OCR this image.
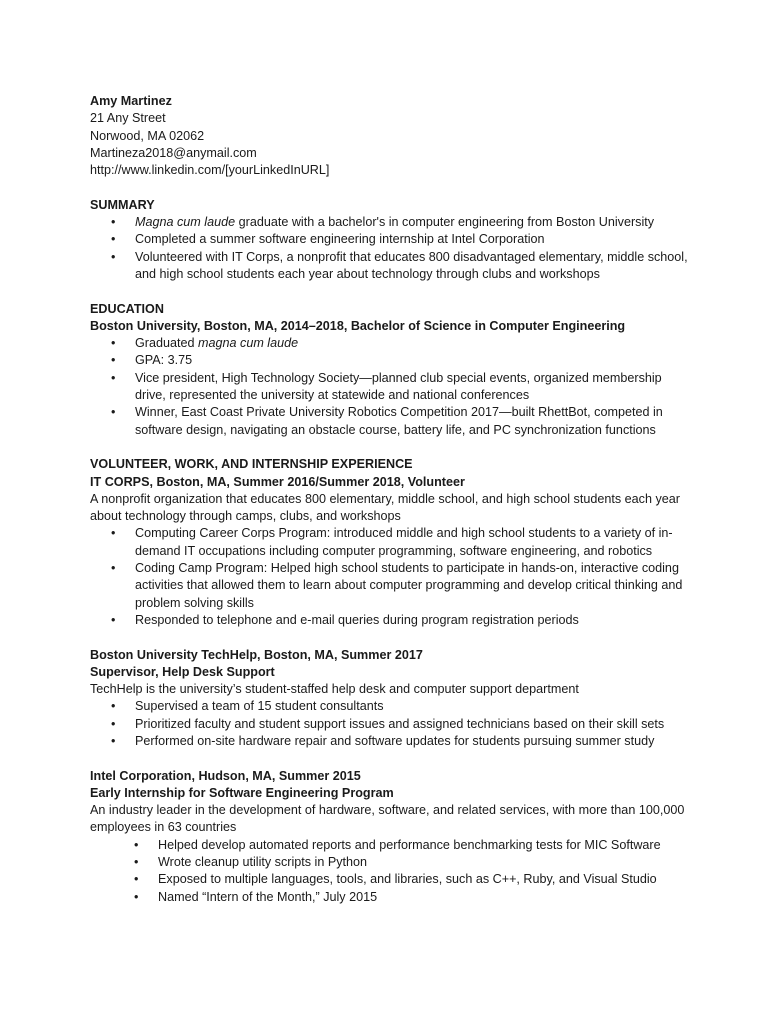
Amy Martinez
21 Any Street
Norwood, MA 02062
Martineza2018@anymail.com
http://www.linkedin.com/[yourLinkedInURL]
SUMMARY
•	Magna cum laude graduate with a bachelor's in computer engineering from Boston University
•	Completed a summer software engineering internship at Intel Corporation
•	Volunteered with IT Corps, a nonprofit that educates 800 disadvantaged elementary, middle school, and high school students each year about technology through clubs and workshops
EDUCATION
Boston University, Boston, MA, 2014–2018, Bachelor of Science in Computer Engineering
•	Graduated magna cum laude
•	GPA: 3.75
•	Vice president, High Technology Society—planned club special events, organized membership drive, represented the university at statewide and national conferences
•	Winner, East Coast Private University Robotics Competition 2017—built RhettBot, competed in software design, navigating an obstacle course, battery life, and PC synchronization functions
VOLUNTEER, WORK, AND INTERNSHIP EXPERIENCE
IT CORPS, Boston, MA, Summer 2016/Summer 2018, Volunteer
A nonprofit organization that educates 800 elementary, middle school, and high school students each year about technology through camps, clubs, and workshops
•	Computing Career Corps Program: introduced middle and high school students to a variety of in-demand IT occupations including computer programming, software engineering, and robotics
•	Coding Camp Program: Helped high school students to participate in hands-on, interactive coding activities that allowed them to learn about computer programming and develop critical thinking and problem solving skills
•	Responded to telephone and e-mail queries during program registration periods
Boston University TechHelp, Boston, MA, Summer 2017
Supervisor, Help Desk Support
TechHelp is the university’s student-staffed help desk and computer support department
•	Supervised a team of 15 student consultants
•	Prioritized faculty and student support issues and assigned technicians based on their skill sets
•	Performed on-site hardware repair and software updates for students pursuing summer study
Intel Corporation, Hudson, MA, Summer 2015
Early Internship for Software Engineering Program
An industry leader in the development of hardware, software, and related services, with more than 100,000 employees in 63 countries
•	Helped develop automated reports and performance benchmarking tests for MIC Software
•	Wrote cleanup utility scripts in Python
•	Exposed to multiple languages, tools, and libraries, such as C++, Ruby, and Visual Studio
•	Named “Intern of the Month,” July 2015
